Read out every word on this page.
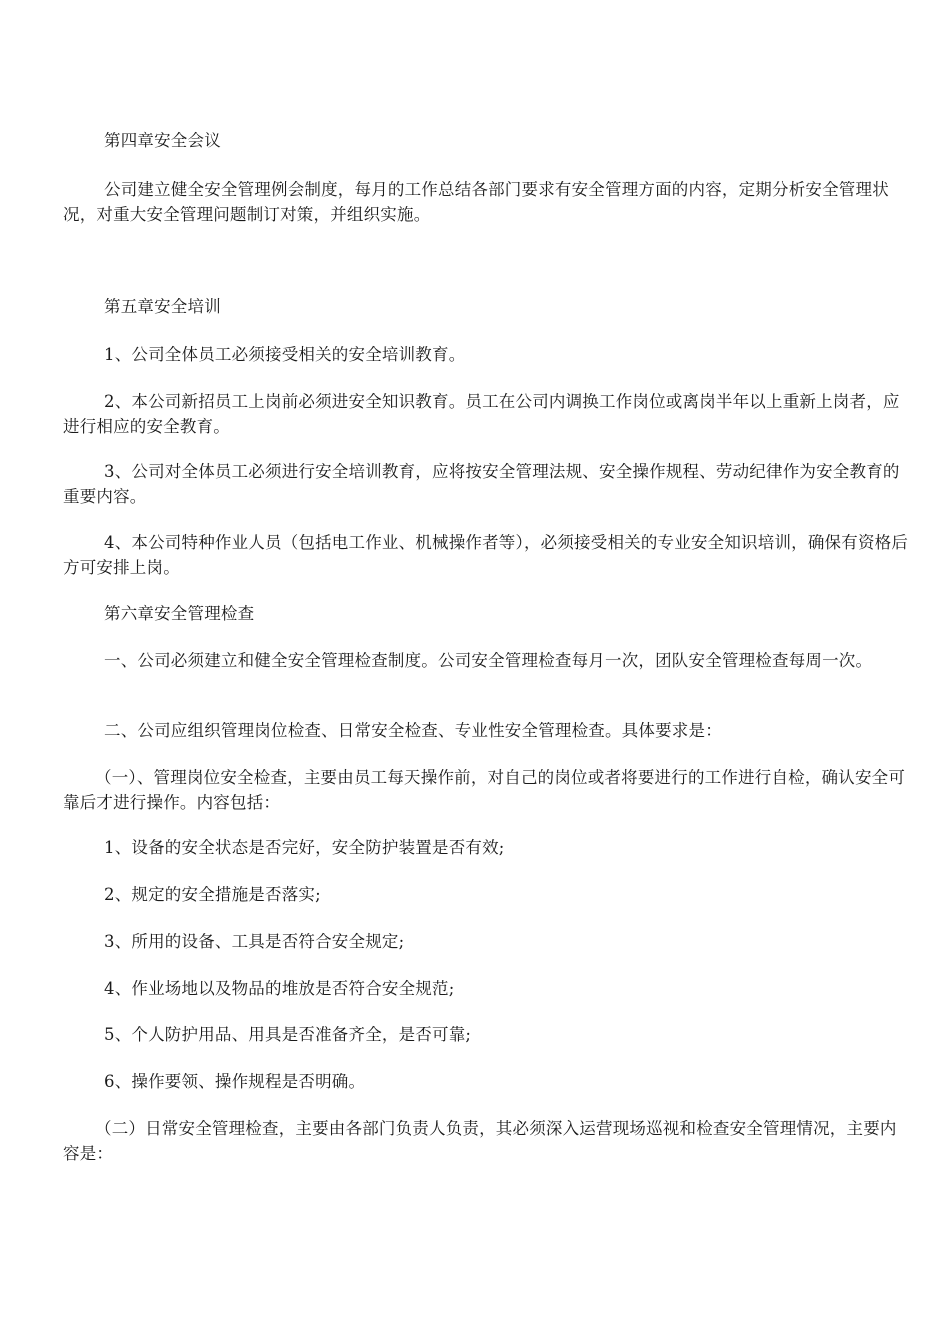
第四章安全会议

公司建立健全安全管理例会制度，每月的工作总结各部门要求有安全管理方面的内容，定期分析安全管理状况，对重大安全管理问题制订对策，并组织实施。

第五章安全培训

1、公司全体员工必须接受相关的安全培训教育。

2、本公司新招员工上岗前必须进安全知识教育。员工在公司内调换工作岗位或离岗半年以上重新上岗者，应进行相应的安全教育。

3、公司对全体员工必须进行安全培训教育，应将按安全管理法规、安全操作规程、劳动纪律作为安全教育的重要内容。

4、本公司特种作业人员（包括电工作业、机械操作者等），必须接受相关的专业安全知识培训，确保有资格后方可安排上岗。

第六章安全管理检查

一、公司必须建立和健全安全管理检查制度。公司安全管理检查每月一次，团队安全管理检查每周一次。

二、公司应组织管理岗位检查、日常安全检查、专业性安全管理检查。具体要求是：

（一）、管理岗位安全检查，主要由员工每天操作前，对自己的岗位或者将要进行的工作进行自检，确认安全可靠后才进行操作。内容包括：

1、设备的安全状态是否完好，安全防护装置是否有效;

2、规定的安全措施是否落实;

3、所用的设备、工具是否符合安全规定;

4、作业场地以及物品的堆放是否符合安全规范;

5、个人防护用品、用具是否准备齐全，是否可靠;

6、操作要领、操作规程是否明确。

（二）日常安全管理检查，主要由各部门负责人负责，其必须深入运营现场巡视和检查安全管理情况，主要内容是：
